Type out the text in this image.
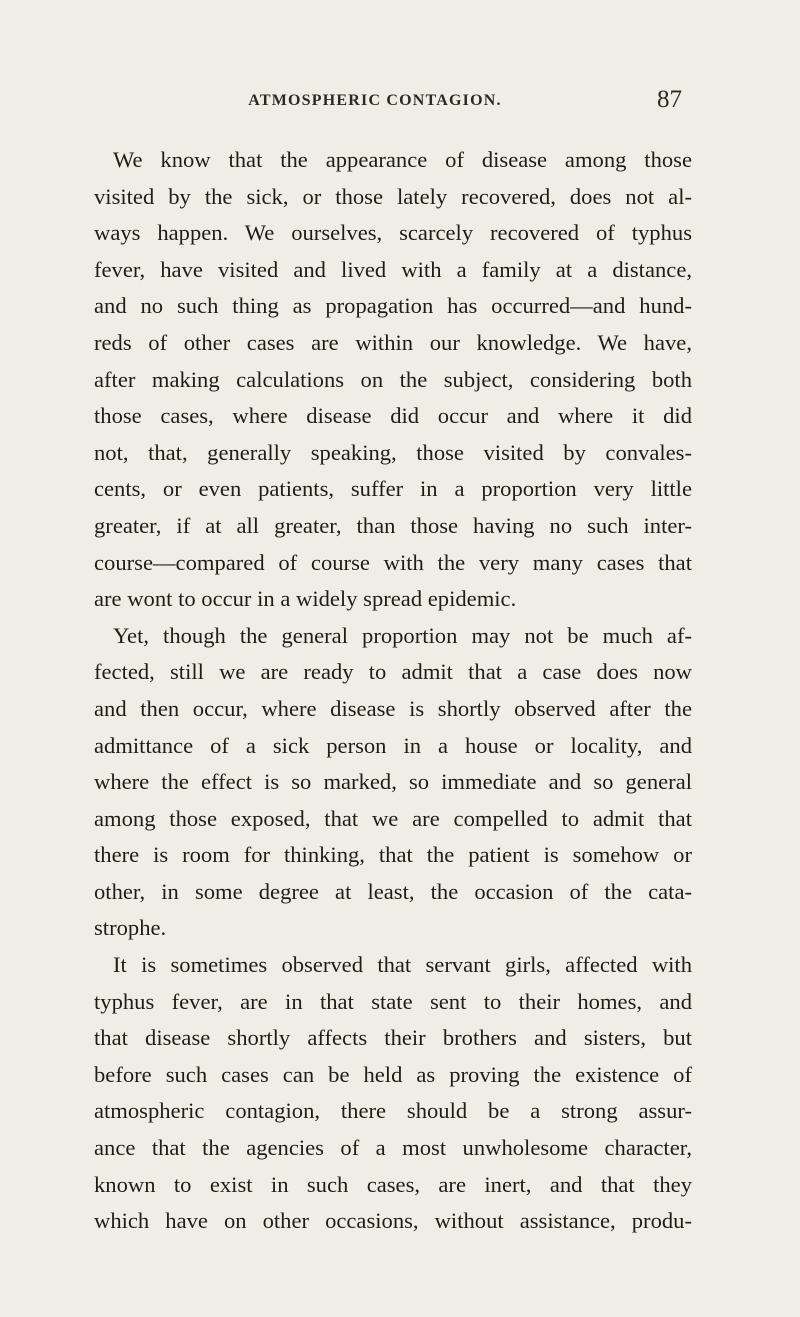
ATMOSPHERIC CONTAGION.	87
We know that the appearance of disease among those
visited by the sick, or those lately recovered, does not al-
ways happen. We ourselves, scarcely recovered of typhus
fever, have visited and lived with a family at a distance,
and no such thing as propagation has occurred—and hund-
reds of other cases are within our knowledge. We have,
after making calculations on the subject, considering both
those cases, where disease did occur and where it did
not, that, generally speaking, those visited by convales-
cents, or even patients, suffer in a proportion very little
greater, if at all greater, than those having no such inter-
course—compared of course with the very many cases that
are wont to occur in a widely spread epidemic.
Yet, though the general proportion may not be much af-
fected, still we are ready to admit that a case does now
and then occur, where disease is shortly observed after the
admittance of a sick person in a house or locality, and
where the effect is so marked, so immediate and so general
among those exposed, that we are compelled to admit that
there is room for thinking, that the patient is somehow or
other, in some degree at least, the occasion of the cata-
strophe.
It is sometimes observed that servant girls, affected with
typhus fever, are in that state sent to their homes, and
that disease shortly affects their brothers and sisters, but
before such cases can be held as proving the existence of
atmospheric contagion, there should be a strong assur-
ance that the agencies of a most unwholesome character,
known to exist in such cases, are inert, and that they
which have on other occasions, without assistance, produ-
